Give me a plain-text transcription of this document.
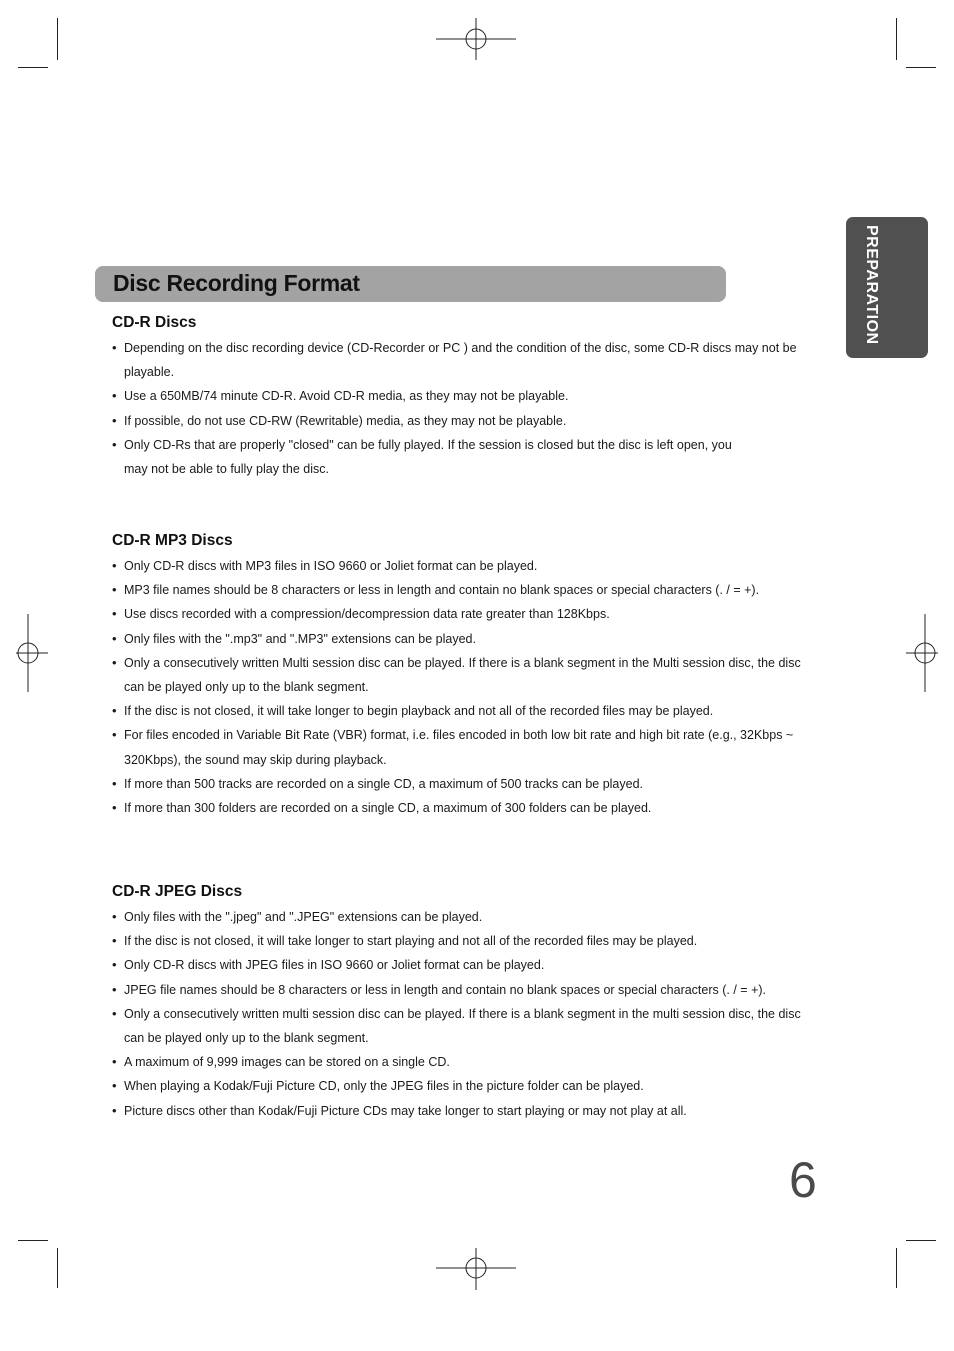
PREPARATION
Disc Recording Format
CD-R Discs
• Depending on the disc recording device (CD-Recorder or PC ) and the condition of the disc, some CD-R discs may not be playable.
• Use a 650MB/74 minute CD-R. Avoid CD-R media, as they may not be playable.
• If possible, do not use CD-RW (Rewritable) media, as they may not be playable.
• Only CD-Rs that are properly "closed" can be fully played. If the session is closed but the disc is left open, you may not be able to fully play the disc.
CD-R MP3 Discs
• Only CD-R discs with MP3 files in ISO 9660 or Joliet format can be played.
• MP3 file names should be 8 characters or less in length and contain no blank spaces or special characters (. / = +).
• Use discs recorded with a compression/decompression data rate greater than 128Kbps.
• Only files with the ".mp3" and ".MP3" extensions can be played.
• Only a consecutively written Multi session disc can be played. If there is a blank segment in the Multi session disc, the disc can be played only up to the blank segment.
• If the disc is not closed, it will take longer to begin playback and not all of the recorded files may be played.
• For files encoded in Variable Bit Rate (VBR) format, i.e. files encoded in both low bit rate and high bit rate (e.g., 32Kbps ~ 320Kbps), the sound may skip during playback.
• If more than 500 tracks are recorded on a single CD, a maximum of 500 tracks can be played.
• If more than 300 folders are recorded on a single CD, a maximum of 300 folders can be played.
CD-R JPEG Discs
• Only files with the ".jpeg" and ".JPEG" extensions can be played.
• If the disc is not closed, it will take longer to start playing and not all of the recorded files may be played.
• Only CD-R discs with JPEG files in ISO 9660 or Joliet format can be played.
• JPEG file names should be 8 characters or less in length and contain no blank spaces or special characters (. / = +).
• Only a consecutively written multi session disc can be played. If there is a blank segment in the multi session disc, the disc can be played only up to the blank segment.
• A maximum of 9,999 images can be stored on a single CD.
• When playing a Kodak/Fuji Picture CD, only the JPEG files in the picture folder can be played.
• Picture discs other than Kodak/Fuji Picture CDs may take longer to start playing or may not play at all.
6
